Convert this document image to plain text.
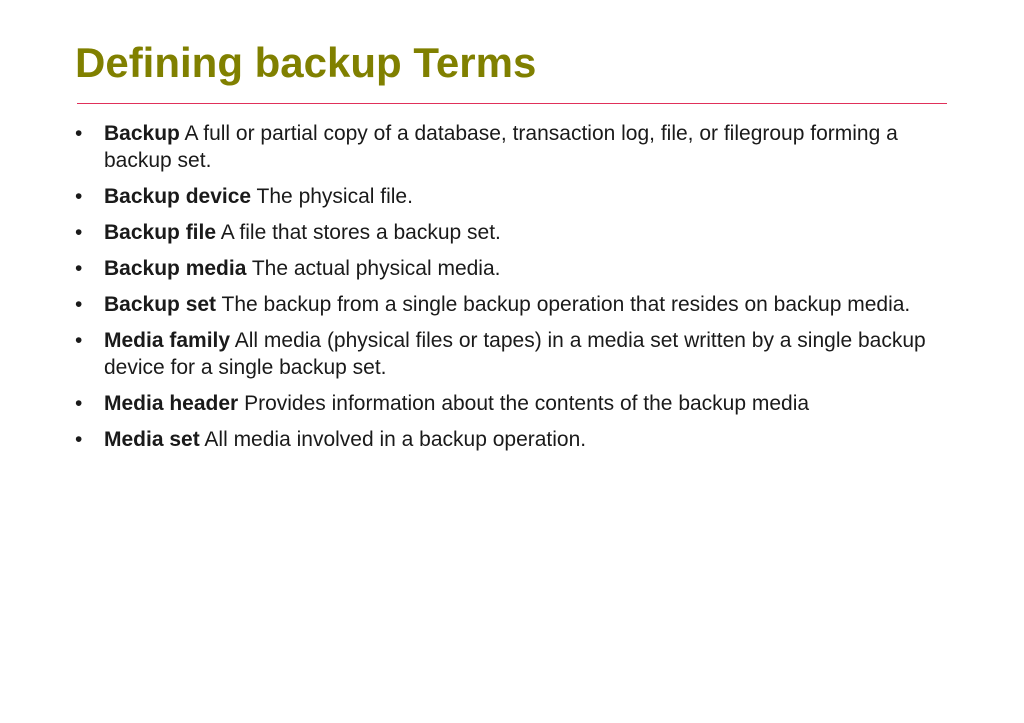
Defining backup Terms
• Backup A full or partial copy of a database, transaction log, file, or filegroup forming a backup set.
• Backup device The physical file.
• Backup file A file that stores a backup set.
• Backup media The actual physical media.
• Backup set The backup from a single backup operation that resides on backup media.
• Media family All media (physical files or tapes) in a media set written by a single backup device for a single backup set.
• Media header Provides information about the contents of the backup media
• Media set All media involved in a backup operation.
